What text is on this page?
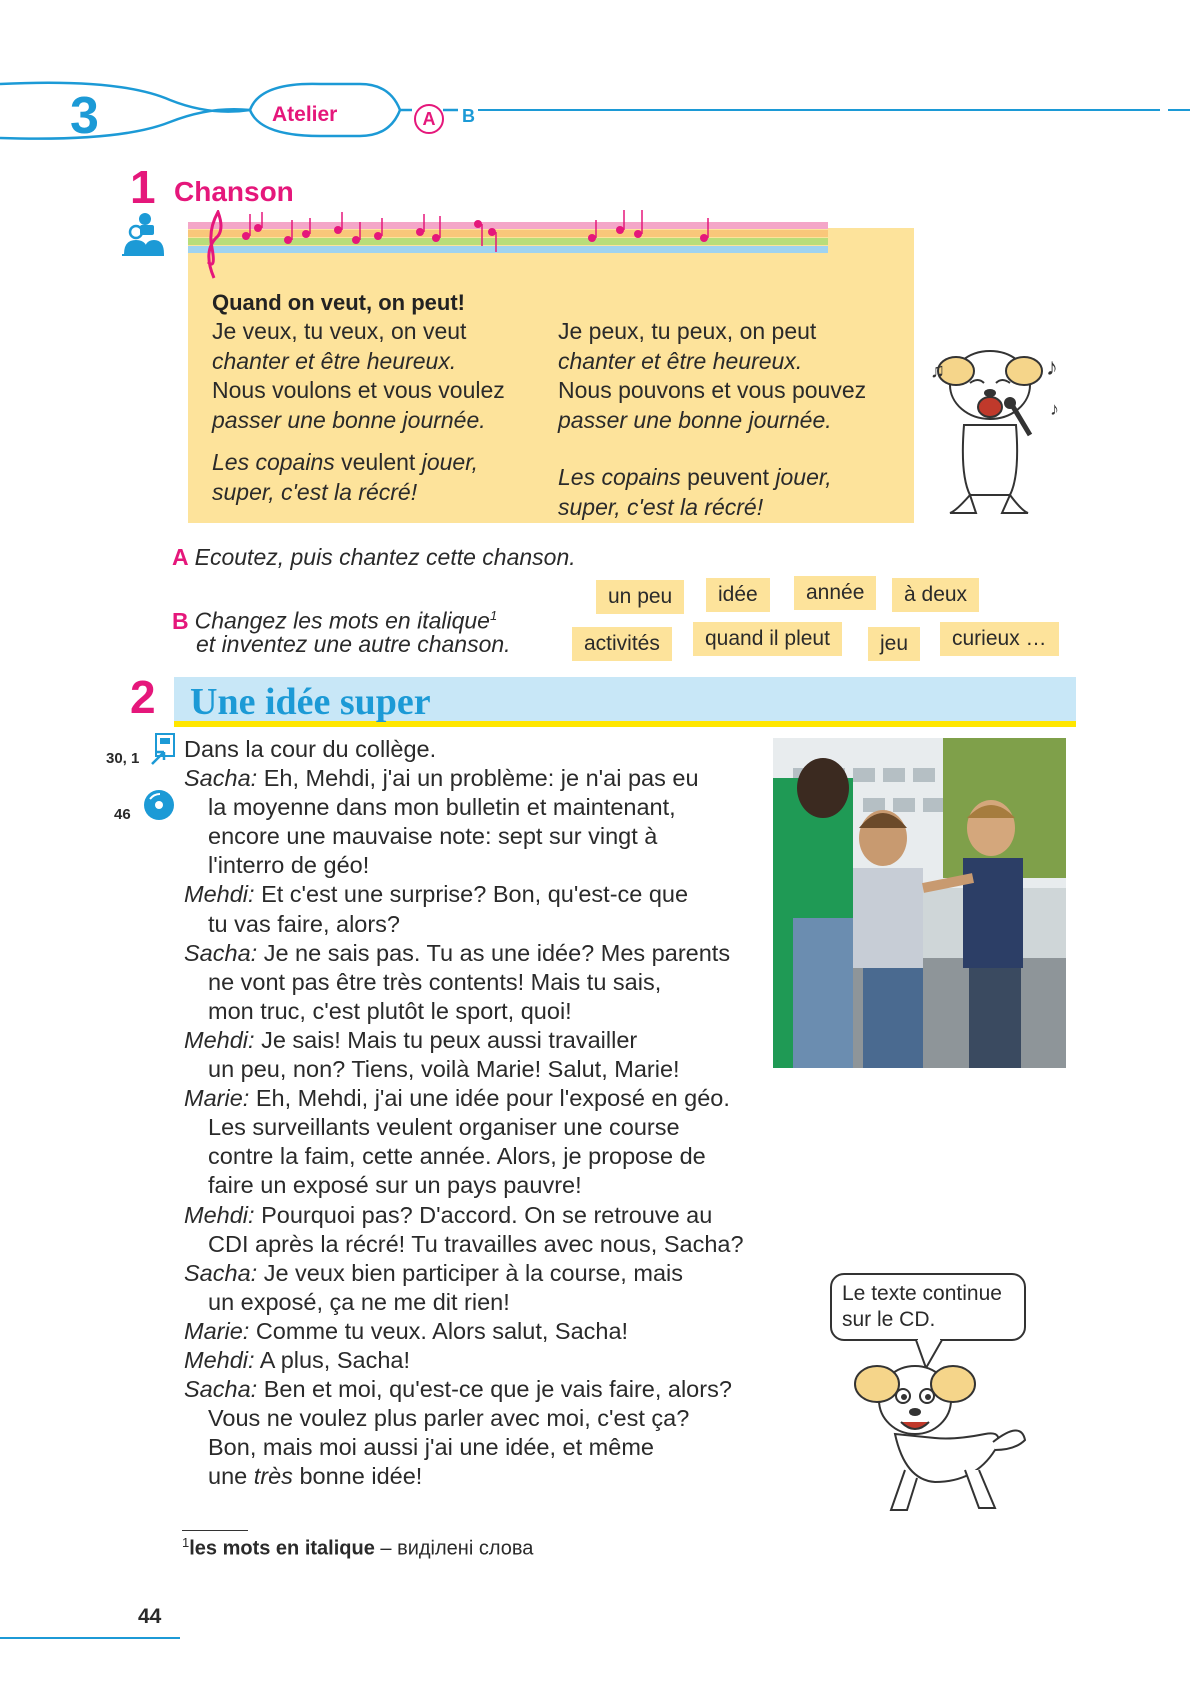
3	Atelier	A	B
1 Chanson
Quand on veut, on peut!
Je veux, tu veux, on veut
chanter et être heureux.
Nous voulons et vous voulez
passer une bonne journée.
Je peux, tu peux, on peut
chanter et être heureux.
Nous pouvons et vous pouvez
passer une bonne journée.
Les copains veulent jouer,
super, c'est la récré!
Les copains peuvent jouer,
super, c'est la récré!
♪
♫
♪
A Ecoutez, puis chantez cette chanson.
B Changez les mots en italique$^1$
et inventez une autre chanson.
un peu	idée	année	à deux
activités	quand il pleut	jeu	curieux …
2 Une idée super
30, 1
46

Dans la cour du collège.

Sacha: Eh, Mehdi, j'ai un problème: je n'ai pas eu

la moyenne dans mon bulletin et maintenant,

encore une mauvaise note: sept sur vingt à

l'interro de géo!

Mehdi: Et c'est une surprise? Bon, qu'est-ce que

tu vas faire, alors?

Sacha: Je ne sais pas. Tu as une idée? Mes parents

ne vont pas être très contents! Mais tu sais,

mon truc, c'est plutôt le sport, quoi!

Mehdi: Je sais! Mais tu peux aussi travailler

un peu, non? Tiens, voilà Marie! Salut, Marie!

Marie: Eh, Mehdi, j'ai une idée pour l'exposé en géo.

Les surveillants veulent organiser une course

contre la faim, cette année. Alors, je propose de

faire un exposé sur un pays pauvre!

Mehdi: Pourquoi pas? D'accord. On se retrouve au

CDI après la récré! Tu travailles avec nous, Sacha?

Sacha: Je veux bien participer à la course, mais

un exposé, ça ne me dit rien!

Marie: Comme tu veux. Alors salut, Sacha!

Mehdi: A plus, Sacha!

Sacha: Ben et moi, qu'est-ce que je vais faire, alors?

Vous ne voulez plus parler avec moi, c'est ça?

Bon, mais moi aussi j'ai une idée, et même

une très bonne idée!

Le texte continue
sur le CD.
$^1$les mots en italique – виділені слова
44
